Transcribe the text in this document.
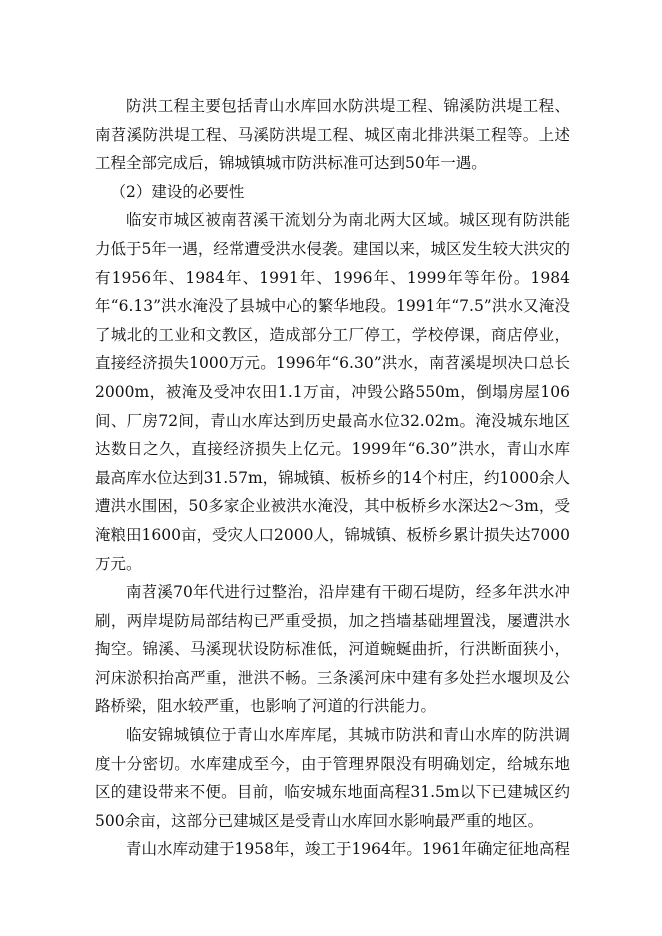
防洪工程主要包括青山水库回水防洪堤工程、锦溪防洪堤工程、南苕溪防洪堤工程、马溪防洪堤工程、城区南北排洪渠工程等。上述工程全部完成后，锦城镇城市防洪标准可达到50年一遇。

（2）建设的必要性

临安市城区被南苕溪干流划分为南北两大区域。城区现有防洪能力低于5年一遇，经常遭受洪水侵袭。建国以来，城区发生较大洪灾的有1956年、1984年、1991年、1996年、1999年等年份。1984年“6.13”洪水淹没了县城中心的繁华地段。1991年“7.5”洪水又淹没了城北的工业和文教区，造成部分工厂停工，学校停课，商店停业，直接经济损失1000万元。1996年“6.30”洪水，南苕溪堤坝决口总长2000m，被淹及受冲农田1.1万亩，冲毁公路550m，倒塌房屋106间、厂房72间，青山水库达到历史最高水位32.02m。淹没城东地区达数日之久，直接经济损失上亿元。1999年“6.30”洪水，青山水库最高库水位达到31.57m，锦城镇、板桥乡的14个村庄，约1000余人遭洪水围困，50多家企业被洪水淹没，其中板桥乡水深达2～3m，受淹粮田1600亩，受灾人口2000人，锦城镇、板桥乡累计损失达7000万元。

南苕溪70年代进行过整治，沿岸建有干砌石堤防，经多年洪水冲刷，两岸堤防局部结构已严重受损，加之挡墙基础埋置浅，屡遭洪水掏空。锦溪、马溪现状设防标准低，河道蜿蜒曲折，行洪断面狭小，河床淤积抬高严重，泄洪不畅。三条溪河床中建有多处拦水堰坝及公路桥梁，阻水较严重，也影响了河道的行洪能力。

临安锦城镇位于青山水库库尾，其城市防洪和青山水库的防洪调度十分密切。水库建成至今，由于管理界限没有明确划定，给城东地区的建设带来不便。目前，临安城东地面高程31.5m以下已建城区约500余亩，这部分已建城区是受青山水库回水影响最严重的地区。

青山水库动建于1958年，竣工于1964年。1961年确定征地高程
